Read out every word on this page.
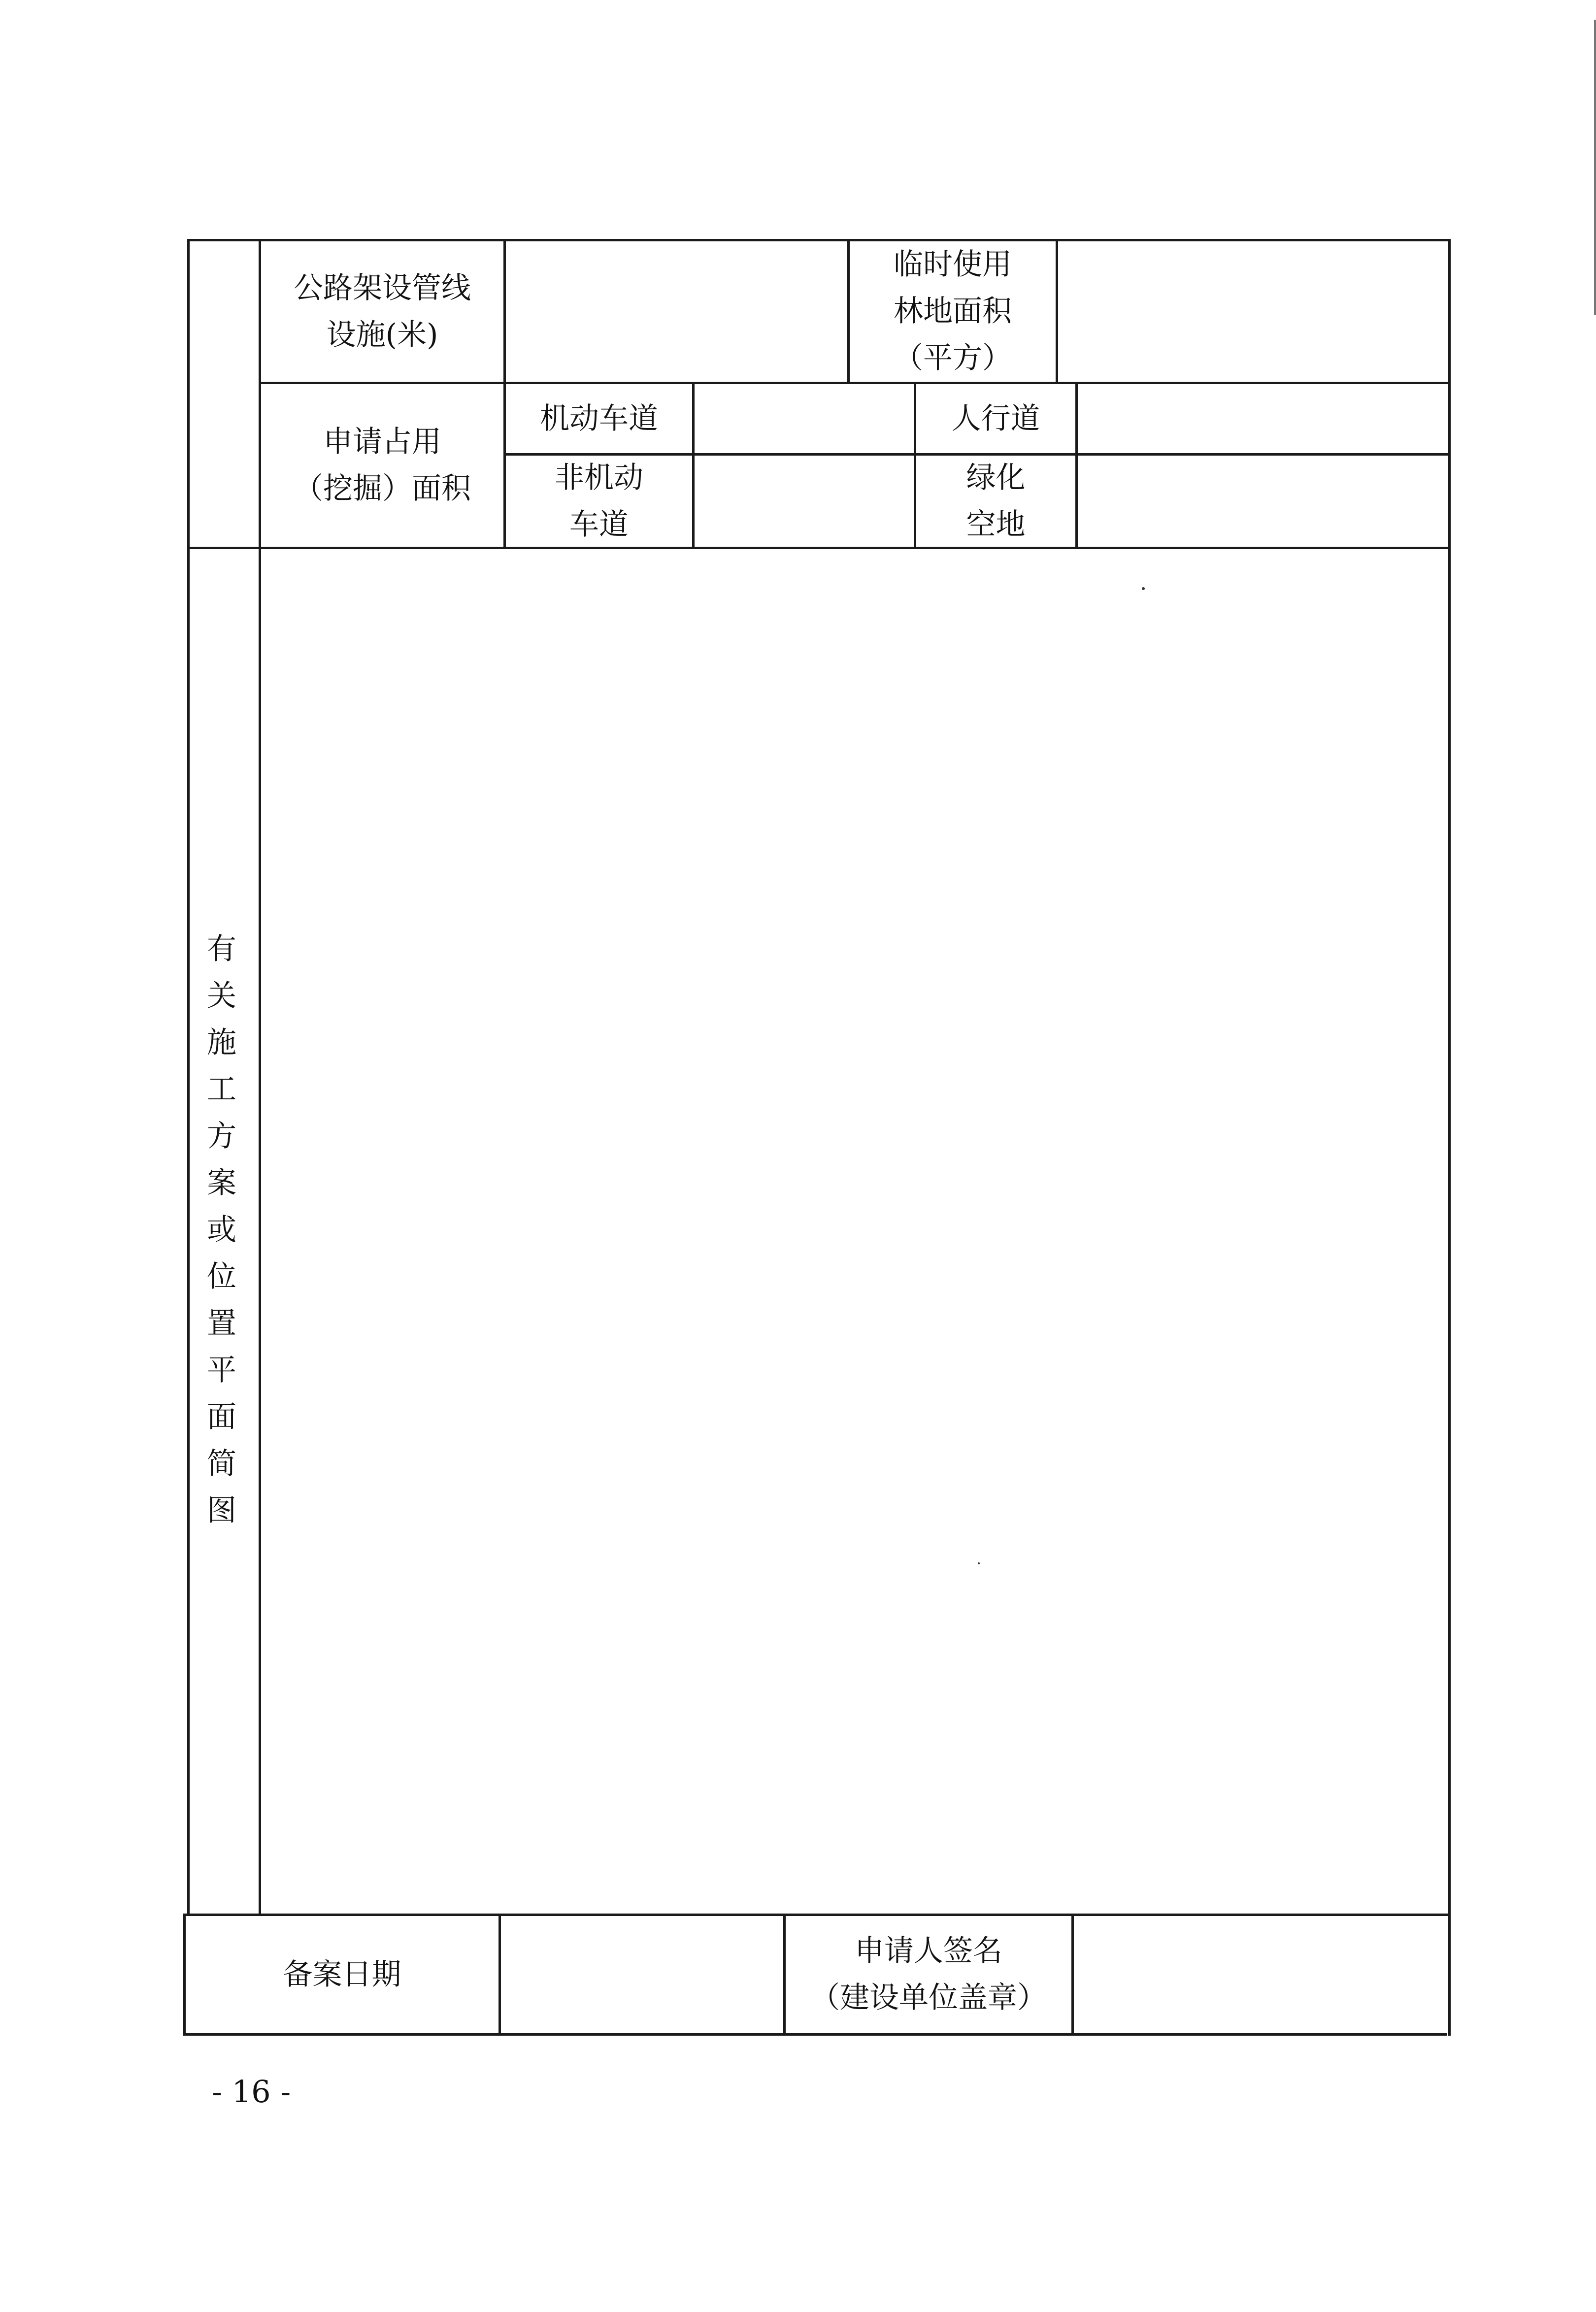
公路架设管线
设施(米)
临时使用
林地面积
（平方）
申请占用
（挖掘）面积
机动车道	人行道
非机动
车道
绿化
空地
有
关
施
工
方
案
或
位
置
平
面
简
图
备案日期
申请人签名
（建设单位盖章）
- 16 -
